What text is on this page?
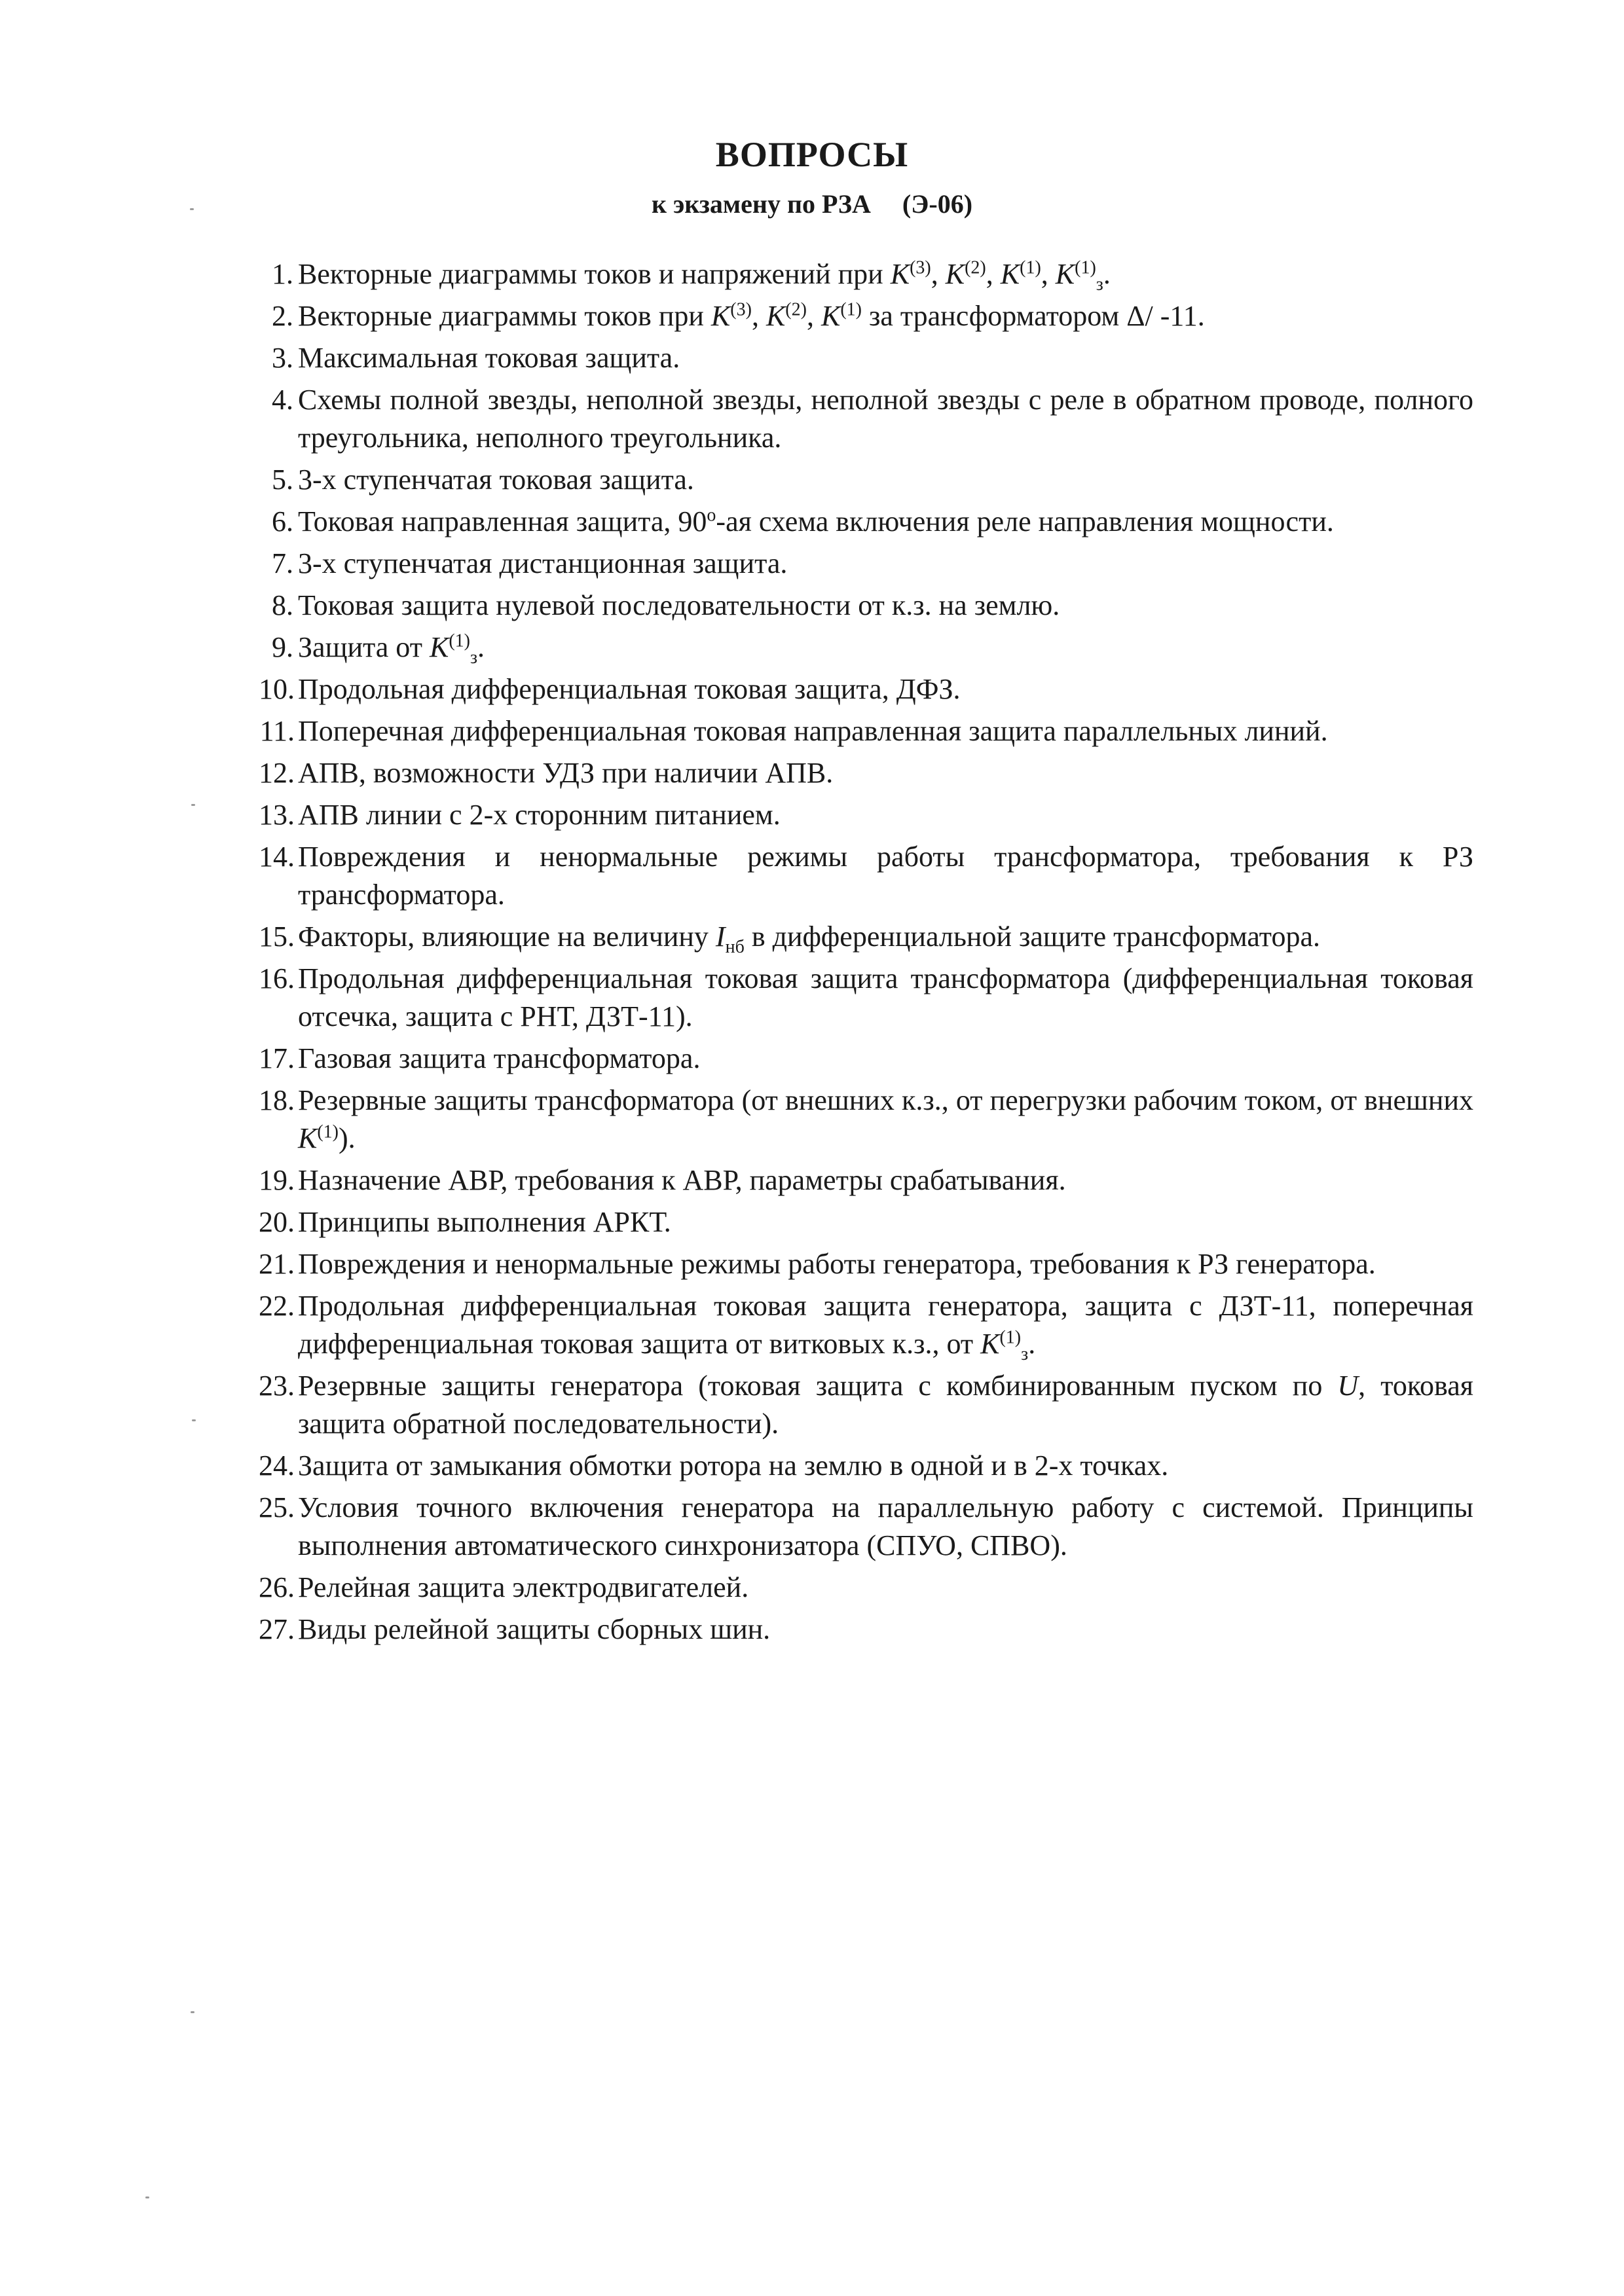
ВОПРОСЫ
к экзамену по РЗА (Э-06)
1. Векторные диаграммы токов и напряжений при $K^{(3)}$, $K^{(2)}$, $K^{(1)}$, $K^{(1)}_з$.
2. Векторные диаграммы токов при $K^{(3)}$, $K^{(2)}$, $K^{(1)}$ за трансформатором Δ/ -11.
3. Максимальная токовая защита.
4. Схемы полной звезды, неполной звезды, неполной звезды с реле в обратном проводе, полного треугольника, неполного треугольника.
5. 3-х ступенчатая токовая защита.
6. Токовая направленная защита, 90$^o$-ая схема включения реле направления мощности.
7. 3-х ступенчатая дистанционная защита.
8. Токовая защита нулевой последовательности от к.з. на землю.
9. Защита от $K^{(1)}_з$.
10. Продольная дифференциальная токовая защита, ДФЗ.
11. Поперечная дифференциальная токовая направленная защита параллельных линий.
12. АПВ, возможности УДЗ при наличии АПВ.
13. АПВ линии с 2-х сторонним питанием.
14. Повреждения и ненормальные режимы работы трансформатора, требования к РЗ трансформатора.
15. Факторы, влияющие на величину $I_{нб}$ в дифференциальной защите трансформатора.
16. Продольная дифференциальная токовая защита трансформатора (дифференциальная токовая отсечка, защита с РНТ, ДЗТ-11).
17. Газовая защита трансформатора.
18. Резервные защиты трансформатора (от внешних к.з., от перегрузки рабочим током, от внешних $K^{(1)}$).
19. Назначение АВР, требования к АВР, параметры срабатывания.
20. Принципы выполнения АРКТ.
21. Повреждения и ненормальные режимы работы генератора, требования к РЗ генератора.
22. Продольная дифференциальная токовая защита генератора, защита с ДЗТ-11, поперечная дифференциальная токовая защита от витковых к.з., от $K^{(1)}_з$.
23. Резервные защиты генератора (токовая защита с комбинированным пуском по U, токовая защита обратной последовательности).
24. Защита от замыкания обмотки ротора на землю в одной и в 2-х точках.
25. Условия точного включения генератора на параллельную работу с системой. Принципы выполнения автоматического синхронизатора (СПУО, СПВО).
26. Релейная защита электродвигателей.
27. Виды релейной защиты сборных шин.
